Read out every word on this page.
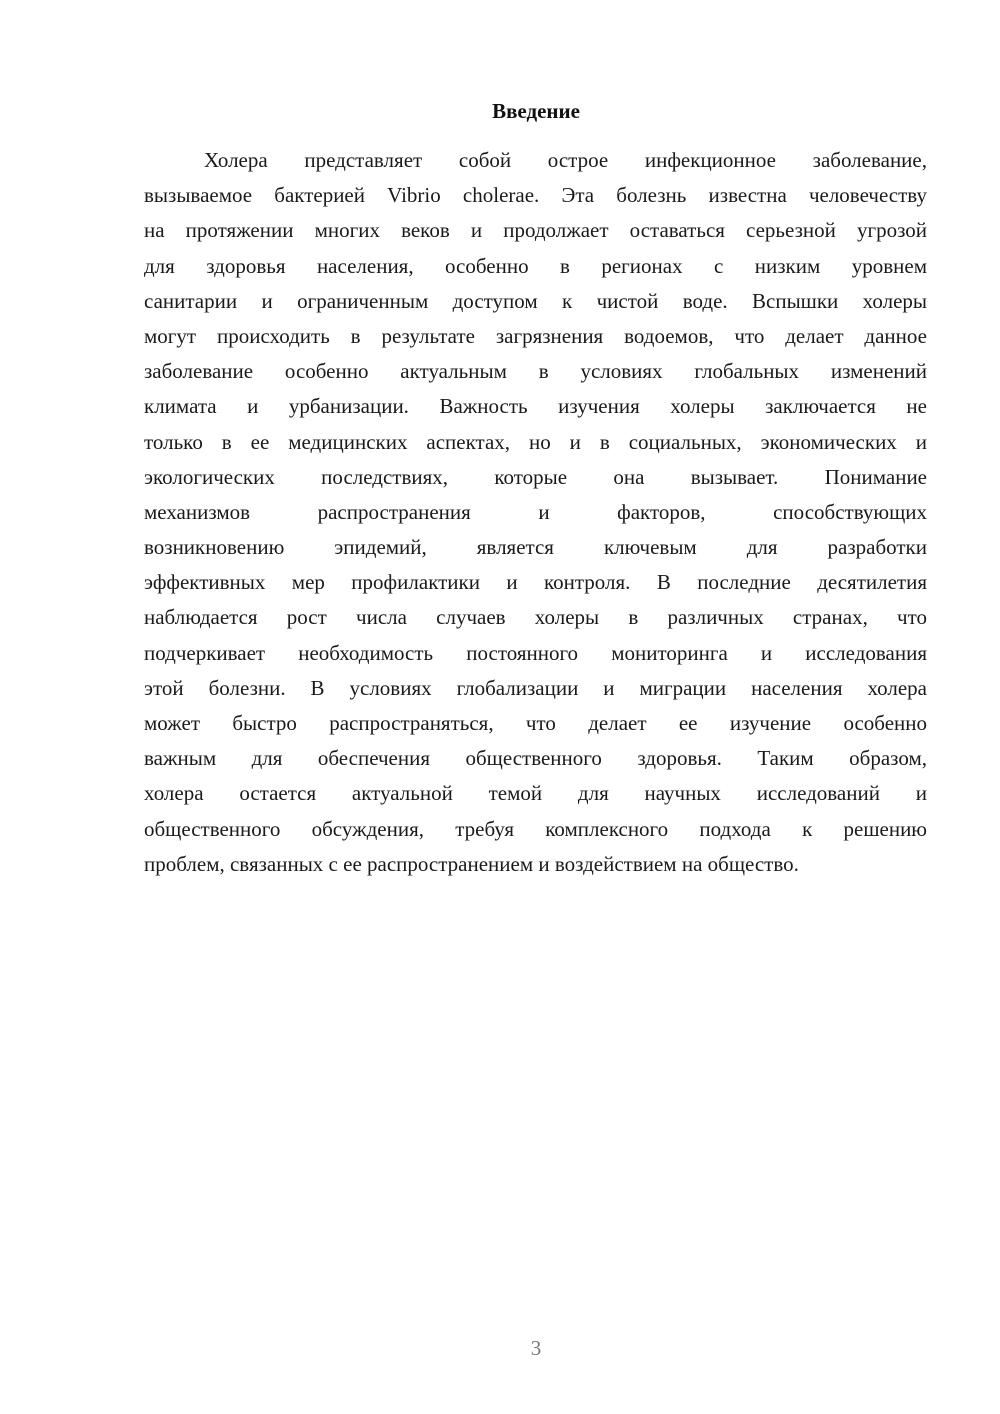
Введение
Холера представляет собой острое инфекционное заболевание,
вызываемое бактерией Vibrio cholerae. Эта болезнь известна человечеству
на протяжении многих веков и продолжает оставаться серьезной угрозой
для здоровья населения, особенно в регионах с низким уровнем
санитарии и ограниченным доступом к чистой воде. Вспышки холеры
могут происходить в результате загрязнения водоемов, что делает данное
заболевание особенно актуальным в условиях глобальных изменений
климата и урбанизации. Важность изучения холеры заключается не
только в ее медицинских аспектах, но и в социальных, экономических и
экологических последствиях, которые она вызывает. Понимание
механизмов распространения и факторов, способствующих
возникновению эпидемий, является ключевым для разработки
эффективных мер профилактики и контроля. В последние десятилетия
наблюдается рост числа случаев холеры в различных странах, что
подчеркивает необходимость постоянного мониторинга и исследования
этой болезни. В условиях глобализации и миграции населения холера
может быстро распространяться, что делает ее изучение особенно
важным для обеспечения общественного здоровья. Таким образом,
холера остается актуальной темой для научных исследований и
общественного обсуждения, требуя комплексного подхода к решению
проблем, связанных с ее распространением и воздействием на общество.
3
